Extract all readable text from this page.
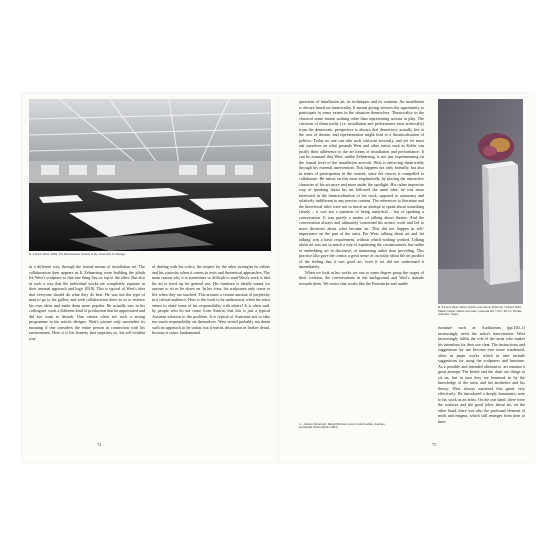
Ill. 1 Franz West, 1994. The Renaissance Society at the University of Chicago

in a different way, through the formal means of installation art. The collaboration then appears as If Zehnerring were building the plinth for West's sculpture so that one thing lies on top of the other. But also in such a way that the individual works are completely separate in their internal approach and logic (Ill.8). This is typical of West's idea that everyone should do what they do best. He was not the type of man to go to his gallery and seek collaboration there so as to enforce his own ideas and make them more popular. He actually saw in his colleagues' work a different kind of production that he appreciated and did not want to disturb. One cannot often see such a strong programme in his artistic designs: West's picture only surrenders its meaning if one considers the entire person in connection with his environment. Here it is his honesty that surprises us, his self-evident way

of dealing with his critics, his respect for the other strategies he values and his curiosity when it comes to texts and theoretical approaches. The main reason why it is sometimes so difficult to read West's work is that his art is freed up for general use. His furniture is ideally meant for anyone to sit or lie down on. In his view, his sculptures only come to life when they are touched. This arouses a certain amount of perplexity in a critical audience. How is the work to be understood, when the artist seems to share some of his responsibility with others? It is often said, by people who do not come from Austria, that this is just a typical Austrian solution to the problem. It is typical of Austrians not to take too much responsibility on themselves. West would probably not deem such an approach to be unfair, but it merits discussion in further detail, because it raises fundamental

74

questions of installation art, its techniques and its contents. An installation is always based on theatricality. It means giving viewers the opportunity to participate to some extent in the situation themselves. Theatricality in the classical sense means nothing other than representing actions in play. The criticism of theatricality (i.e. installation and performance seen artistically) from the democratic perspective is always that democracy actually lies at the root of theatre, and representation might lead to a theatricalisation of politics. Today no one can take such criticism seriously, and yet we must ask ourselves on what grounds West and other artists such as Keller can justify their adherence to the art forms of installation and performance. It can be assumed that West, unlike Zehnerring, is not just experimenting on the formal level of the installation artwork. West is enforcing theatricality through his external intervention. This happens not only formally, but also in terms of participation in the content, since the viewer is compelled to collaborate. He insists on this most emphatically, by placing the interactive character of his art more and more under the spotlight. His rather imprecise way of speaking about his art followed the same idea: he was more interested in the theatricalisation of his work, opposed to autonomy and relatively indifferent to any precise content. The references to literature and the theoretical titles were not so much an attempt to speak about something clearly – it was not a question of being analytical – but of sparking a conversation. It was purely a matter of talking about theatre. And the conversation always and ultimately concerned his artistic work and led to more decisions about what became art. This did not happen in self-importance on the part of the artist. For West, talking about art and 'art talking' was a basic requirement, without which nothing worked. Talking about art was not so much a way of explaining the circumstances, but rather of embedding art in discourse, of mumming rather than providing. This practice also gave the creator a great sense of curiosity about the art product of the feeling that it was good art, even if we did not understand it immediately.

When we look at his works we can to some degree grasp the stages of their creation, the conversations in the background and West's attitude towards them. We notice that works like the Passstücke and usable

1 – Johann Reinehold, Daniel Birnbaum and Ursula Koehler, Austrian and Ewald Kirche (Berlin 2003)
Ill. 8 Franz West, Albert Oehlen and Heimo Zobernig, Untitled 1994. Plaster papier-mâché and paint, pedestal 110 × 29 × 29 cm. Private collection, Spain

furniture such as Auditorium (pp.140–1) increasingly need the artist's intervention. West increasingly fulfils the role of the artist who makes his intentions for their use clear. The instructions and suggestions for use become ever more condensed, often in paper works which in turn include suggestions for using the sculptures and furniture. As a possible and intended alternative, art remains a great attempt. The bench and the chair are things to sit on, but in turn they are hemmed in by the knowledge of the artist and his aesthetics and his theory. West always mastered this game very effectively. He introduced a deeply humanistic note to his work as an artist. On the one hand, there were the surfaces and the good jokes about art, on the other hand, there was also the profound element of myth and enigma, which still emerges from time to time.

75
